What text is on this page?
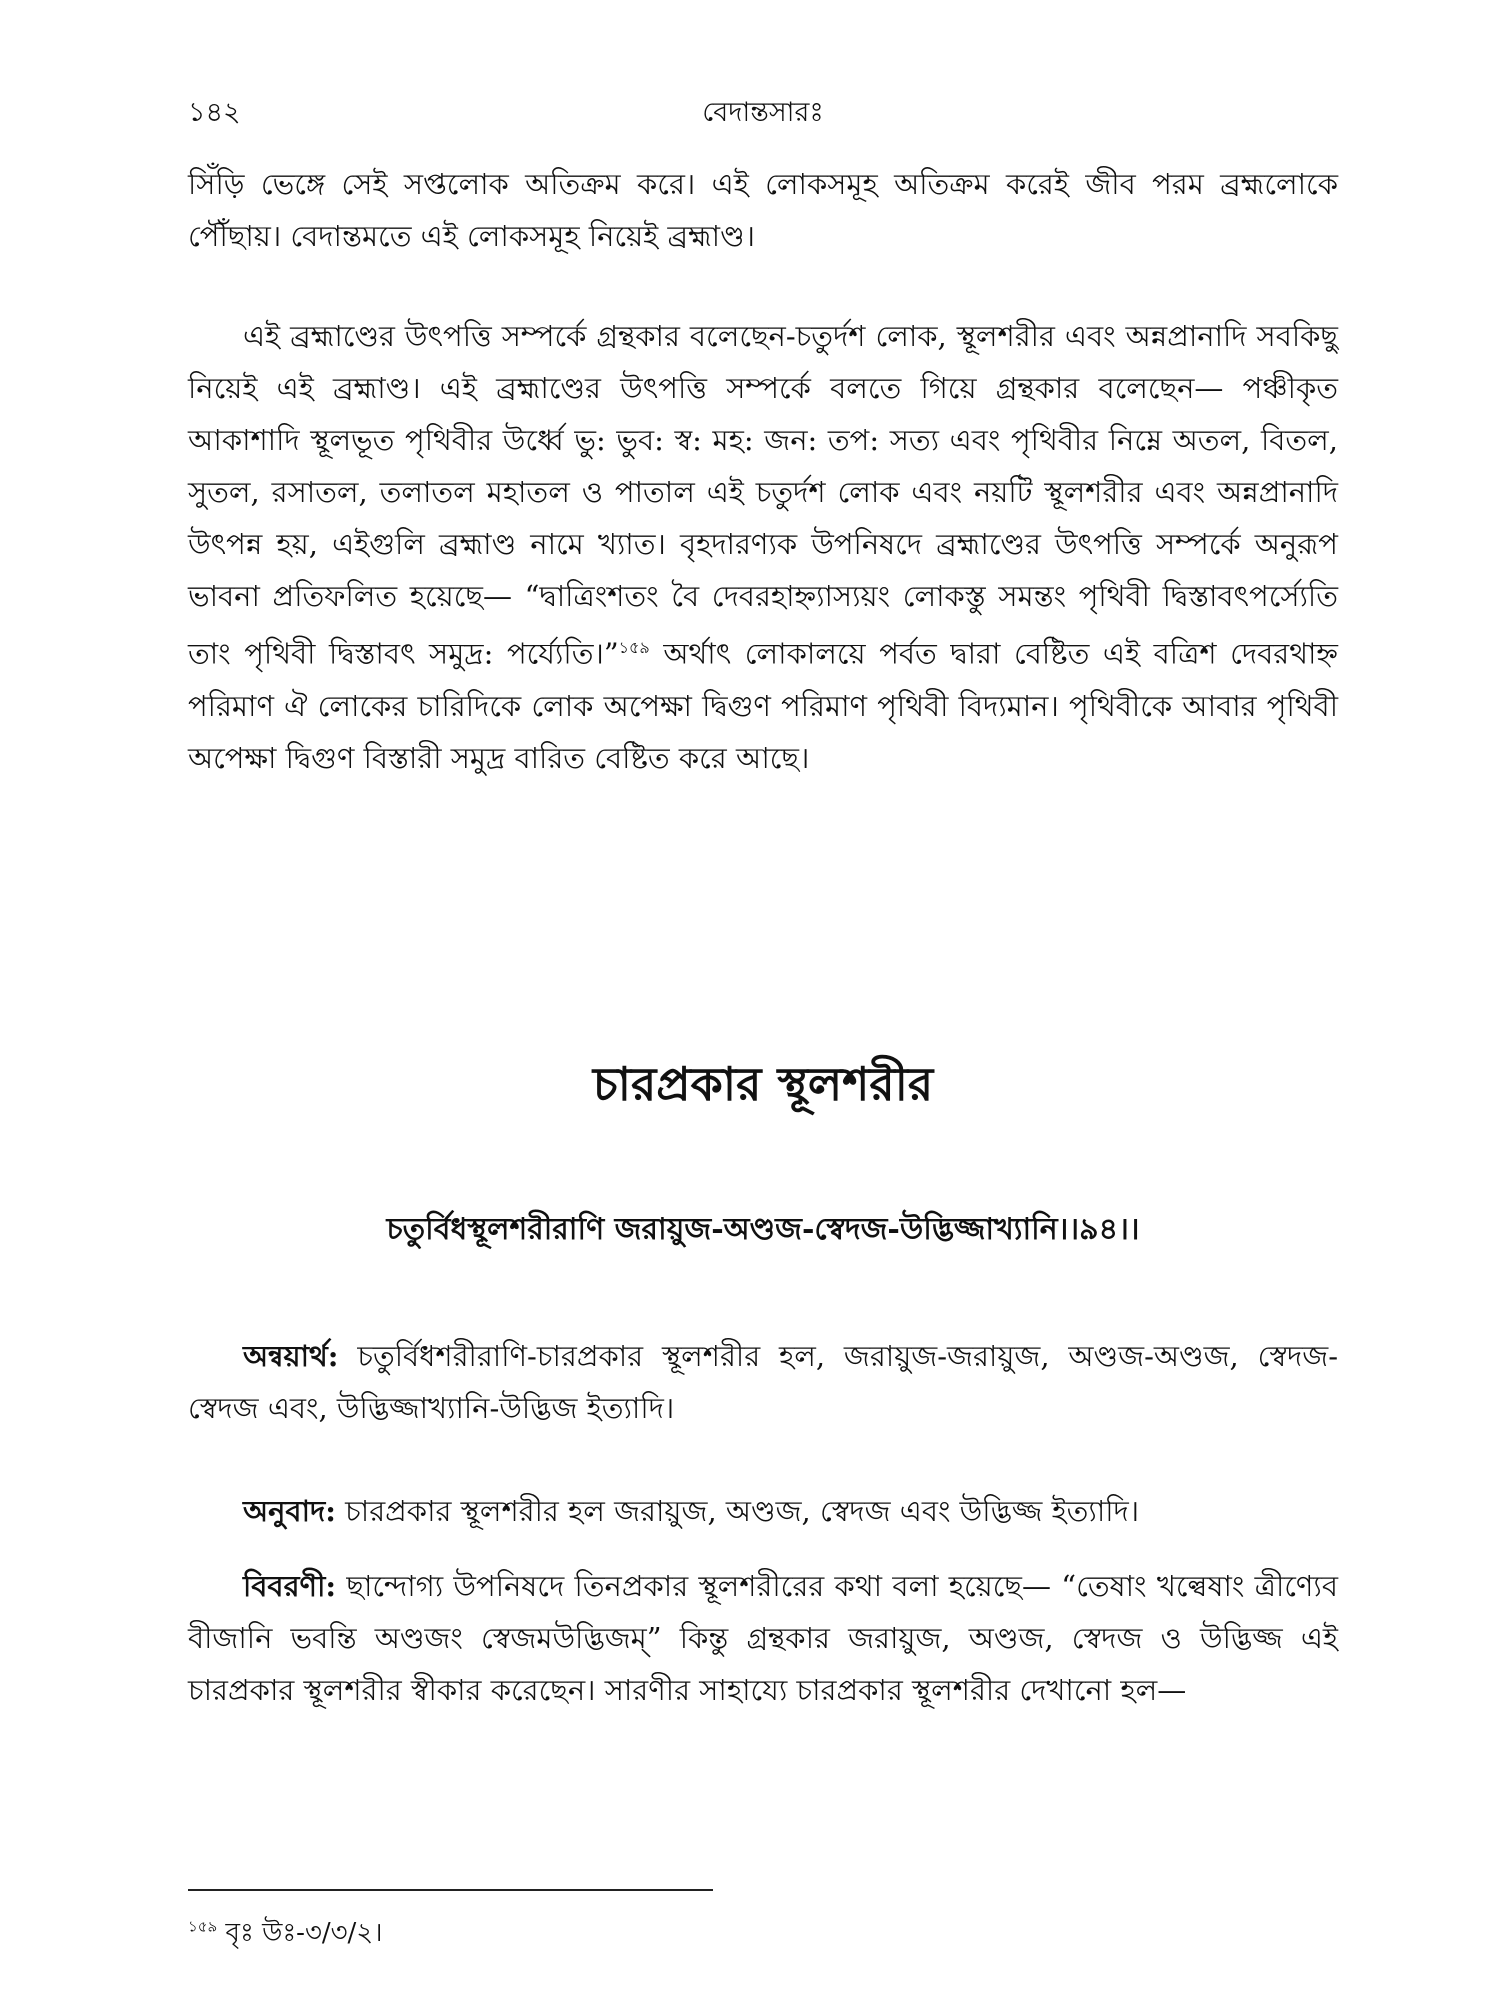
১৪২	বেদান্তসারঃ

সিঁড়ি ভেঙ্গে সেই সপ্তলোক অতিক্রম করে। এই লোকসমূহ অতিক্রম করেই জীব পরম ব্রহ্মলোকে পৌঁছায়। বেদান্তমতে এই লোকসমূহ নিয়েই ব্রহ্মাণ্ড।

এই ব্রহ্মাণ্ডের উৎপত্তি সম্পর্কে গ্রন্থকার বলেছেন-চতুর্দশ লোক, স্থূলশরীর এবং অন্নপ্রানাদি সবকিছু নিয়েই এই ব্রহ্মাণ্ড। এই ব্রহ্মাণ্ডের উৎপত্তি সম্পর্কে বলতে গিয়ে গ্রন্থকার বলেছেন— পঞ্চীকৃত আকাশাদি স্থূলভূত পৃথিবীর উর্ধ্বে ভু: ভুব: স্ব: মহ: জন: তপ: সত্য এবং পৃথিবীর নিম্নে অতল, বিতল, সুতল, রসাতল, তলাতল মহাতল ও পাতাল এই চতুর্দশ লোক এবং নয়টি স্থূলশরীর এবং অন্নপ্রানাদি উৎপন্ন হয়, এইগুলি ব্রহ্মাণ্ড নামে খ্যাত। বৃহদারণ্যক উপনিষদে ব্রহ্মাণ্ডের উৎপত্তি সম্পর্কে অনুরূপ ভাবনা প্রতিফলিত হয়েছে— “দ্বাত্রিংশতং বৈ দেবরহাহ্ন্যাস্যয়ং লোকস্তু সমন্তং পৃথিবী দ্বিস্তাবৎপর্স্যেতি তাং পৃথিবী দ্বিস্তাবৎ সমুদ্র: পর্য্যেতি।”$^{১৫৯}$ অর্থাৎ লোকালয়ে পর্বত দ্বারা বেষ্টিত এই বত্রিশ দেবরথাহ্ন পরিমাণ ঐ লোকের চারিদিকে লোক অপেক্ষা দ্বিগুণ পরিমাণ পৃথিবী বিদ্যমান। পৃথিবীকে আবার পৃথিবী অপেক্ষা দ্বিগুণ বিস্তারী সমুদ্র বারিত বেষ্টিত করে আছে।

চারপ্রকার স্থূলশরীর

চতুর্বিধস্থূলশরীরাণি জরায়ুজ-অণ্ডজ-স্বেদজ-উদ্ভিজ্জাখ্যানি।।৯৪।।

অন্বয়ার্থ: চতুর্বিধশরীরাণি-চারপ্রকার স্থূলশরীর হল, জরায়ুজ-জরায়ুজ, অণ্ডজ-অণ্ডজ, স্বেদজ-স্বেদজ এবং, উদ্ভিজ্জাখ্যানি-উদ্ভিজ ইত্যাদি।

অনুবাদ: চারপ্রকার স্থূলশরীর হল জরায়ুজ, অণ্ডজ, স্বেদজ এবং উদ্ভিজ্জ ইত্যাদি।

বিবরণী: ছান্দোগ্য উপনিষদে তিনপ্রকার স্থূলশরীরের কথা বলা হয়েছে— “তেষাং খল্বেষাং ত্রীণ্যেব বীজানি ভবন্তি অণ্ডজং স্বেজমউদ্ভিজম্” কিন্তু গ্রন্থকার জরায়ুজ, অণ্ডজ, স্বেদজ ও উদ্ভিজ্জ এই চারপ্রকার স্থূলশরীর স্বীকার করেছেন। সারণীর সাহায্যে চারপ্রকার স্থূলশরীর দেখানো হল—

$^{১৫৯}$ বৃঃ উঃ-৩/৩/২।
